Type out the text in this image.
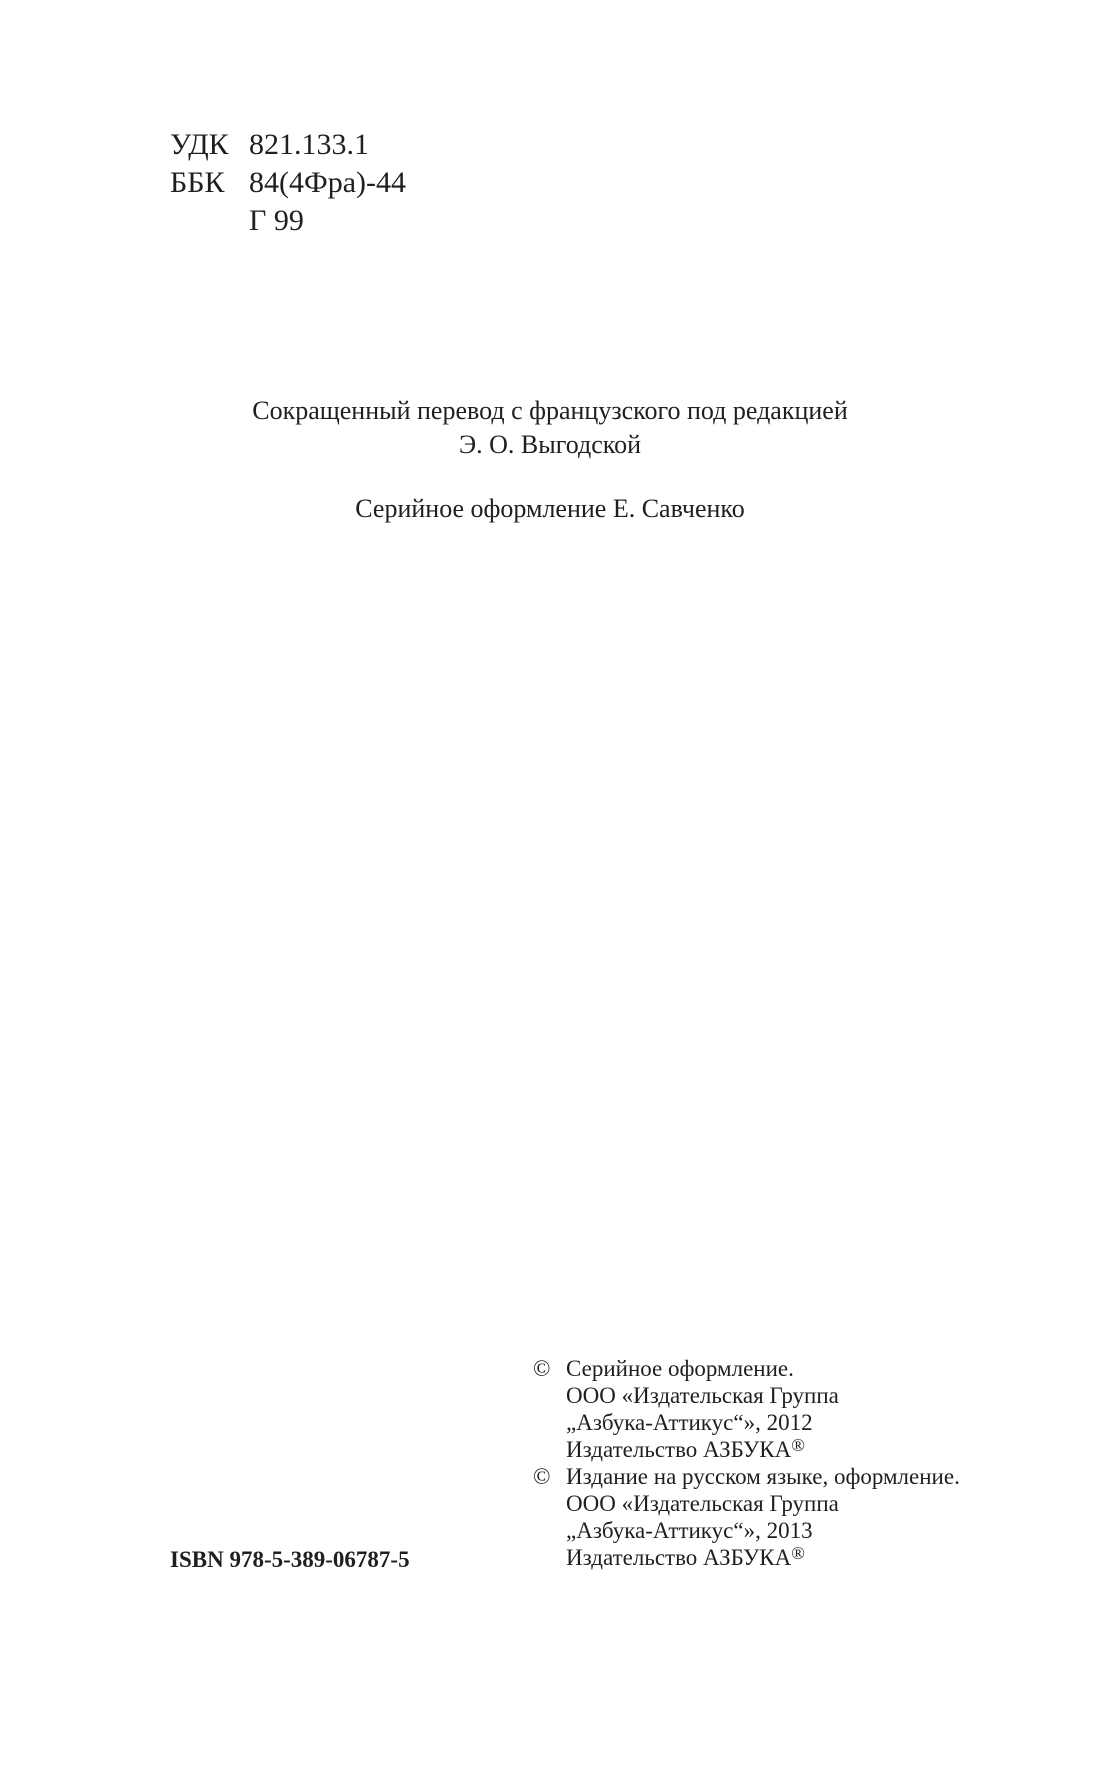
УДК 821.133.1
ББК 84(4Фра)-44
Г 99
Сокращенный перевод с французского под редакцией
Э. О. Выгодской
Серийное оформление Е. Савченко
© Серийное оформление.
ООО «Издательская Группа
„Азбука-Аттикус“», 2012
Издательство АЗБУКА®
© Издание на русском языке, оформление.
ООО «Издательская Группа
„Азбука-Аттикус“», 2013
Издательство АЗБУКА®
ISBN 978-5-389-06787-5
